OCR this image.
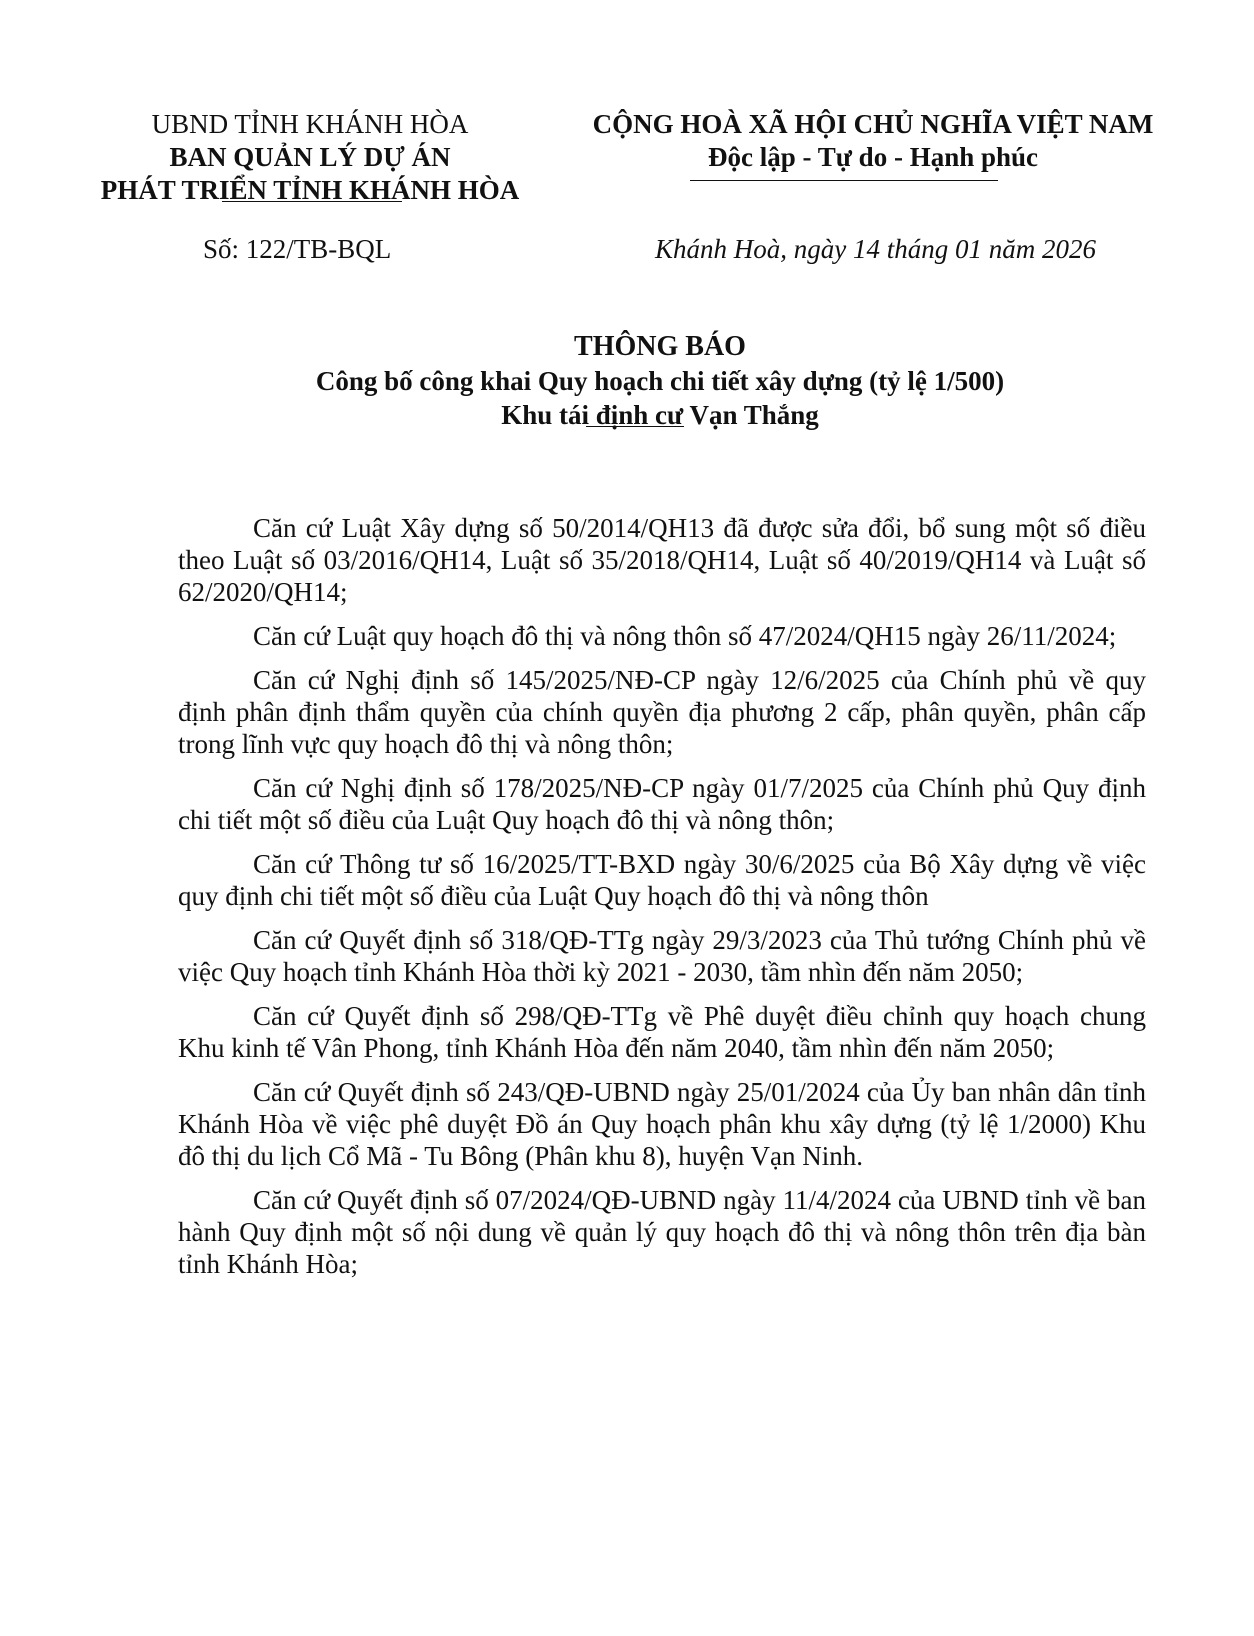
UBND TỈNH KHÁNH HÒA
BAN QUẢN LÝ DỰ ÁN
PHÁT TRIỂN TỈNH KHÁNH HÒA
CỘNG HOÀ XÃ HỘI CHỦ NGHĨA VIỆT NAM
Độc lập - Tự do - Hạnh phúc
Số: 122/TB-BQL	Khánh Hoà, ngày 14 tháng 01 năm 2026
THÔNG BÁO
Công bố công khai Quy hoạch chi tiết xây dựng (tỷ lệ 1/500)
Khu tái định cư Vạn Thắng

Căn cứ Luật Xây dựng số 50/2014/QH13 đã được sửa đổi, bổ sung một số điều theo Luật số 03/2016/QH14, Luật số 35/2018/QH14, Luật số 40/2019/QH14 và Luật số 62/2020/QH14;

Căn cứ Luật quy hoạch đô thị và nông thôn số 47/2024/QH15 ngày 26/11/2024;

Căn cứ Nghị định số 145/2025/NĐ-CP ngày 12/6/2025 của Chính phủ về quy định phân định thẩm quyền của chính quyền địa phương 2 cấp, phân quyền, phân cấp trong lĩnh vực quy hoạch đô thị và nông thôn;

Căn cứ Nghị định số 178/2025/NĐ-CP ngày 01/7/2025 của Chính phủ Quy định chi tiết một số điều của Luật Quy hoạch đô thị và nông thôn;

Căn cứ Thông tư số 16/2025/TT-BXD ngày 30/6/2025 của Bộ Xây dựng về việc quy định chi tiết một số điều của Luật Quy hoạch đô thị và nông thôn

Căn cứ Quyết định số 318/QĐ-TTg ngày 29/3/2023 của Thủ tướng Chính phủ về việc Quy hoạch tỉnh Khánh Hòa thời kỳ 2021 - 2030, tầm nhìn đến năm 2050;

Căn cứ Quyết định số 298/QĐ-TTg về Phê duyệt điều chỉnh quy hoạch chung Khu kinh tế Vân Phong, tỉnh Khánh Hòa đến năm 2040, tầm nhìn đến năm 2050;

Căn cứ Quyết định số 243/QĐ-UBND ngày 25/01/2024 của Ủy ban nhân dân tỉnh Khánh Hòa về việc phê duyệt Đồ án Quy hoạch phân khu xây dựng (tỷ lệ 1/2000) Khu đô thị du lịch Cổ Mã - Tu Bông (Phân khu 8), huyện Vạn Ninh.

Căn cứ Quyết định số 07/2024/QĐ-UBND ngày 11/4/2024 của UBND tỉnh về ban hành Quy định một số nội dung về quản lý quy hoạch đô thị và nông thôn trên địa bàn tỉnh Khánh Hòa;
